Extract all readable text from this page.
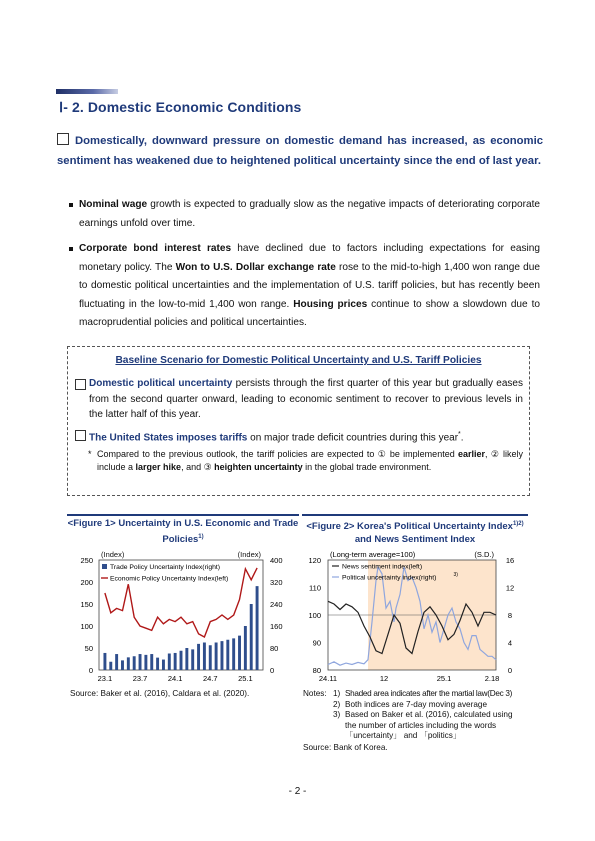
Ⅰ- 2. Domestic Economic Conditions
Domestically, downward pressure on domestic demand has increased, as economic sentiment has weakened due to heightened political uncertainty since the end of last year.
Nominal wage growth is expected to gradually slow as the negative impacts of deteriorating corporate earnings unfold over time.
Corporate bond interest rates have declined due to factors including expectations for easing monetary policy. The Won to U.S. Dollar exchange rate rose to the mid-to-high 1,400 won range due to domestic political uncertainties and the implementation of U.S. tariff policies, but has recently been fluctuating in the low-to-mid 1,400 won range. Housing prices continue to show a slowdown due to macroprudential policies and political uncertainties.
Baseline Scenario for Domestic Political Uncertainty and U.S. Tariff Policies
Domestic political uncertainty persists through the first quarter of this year but gradually eases from the second quarter onward, leading to economic sentiment to recover to previous levels in the latter half of this year.
The United States imposes tariffs on major trade deficit countries during this year*.
* Compared to the previous outlook, the tariff policies are expected to ① be implemented earlier, ② likely include a larger hike, and ③ heighten uncertainty in the global trade environment.
<Figure 1> Uncertainty in U.S. Economic and Trade Policies$^{1)}$
(Index)	(Index)
250
200
150
100
50
0
400
320
240
160
80
0
23.1	23.7	24.1	24.7	25.1
Trade Policy Uncertainty Index(right)
Economic Policy Uncertainty Index(left)
Source: Baker et al. (2016), Caldara et al. (2020).
<Figure 2> Korea's Political Uncertainty Index$^{1)2)}$
and News Sentiment Index
(Long-term average=100)	(S.D.)
120
110
100
90
80
16
12
8
4
0
24.11	12	25.1	2.18
News sentiment index(left)
Political uncertainty index(right)	3)
Notes: 1) Shaded area indicates after the martial law(Dec 3)
2) Both indices are 7-day moving average
3) Based on Baker et al. (2016), calculated using the number of articles including the words 「uncertainty」 and 「politics」
Source: Bank of Korea.
- 2 -
